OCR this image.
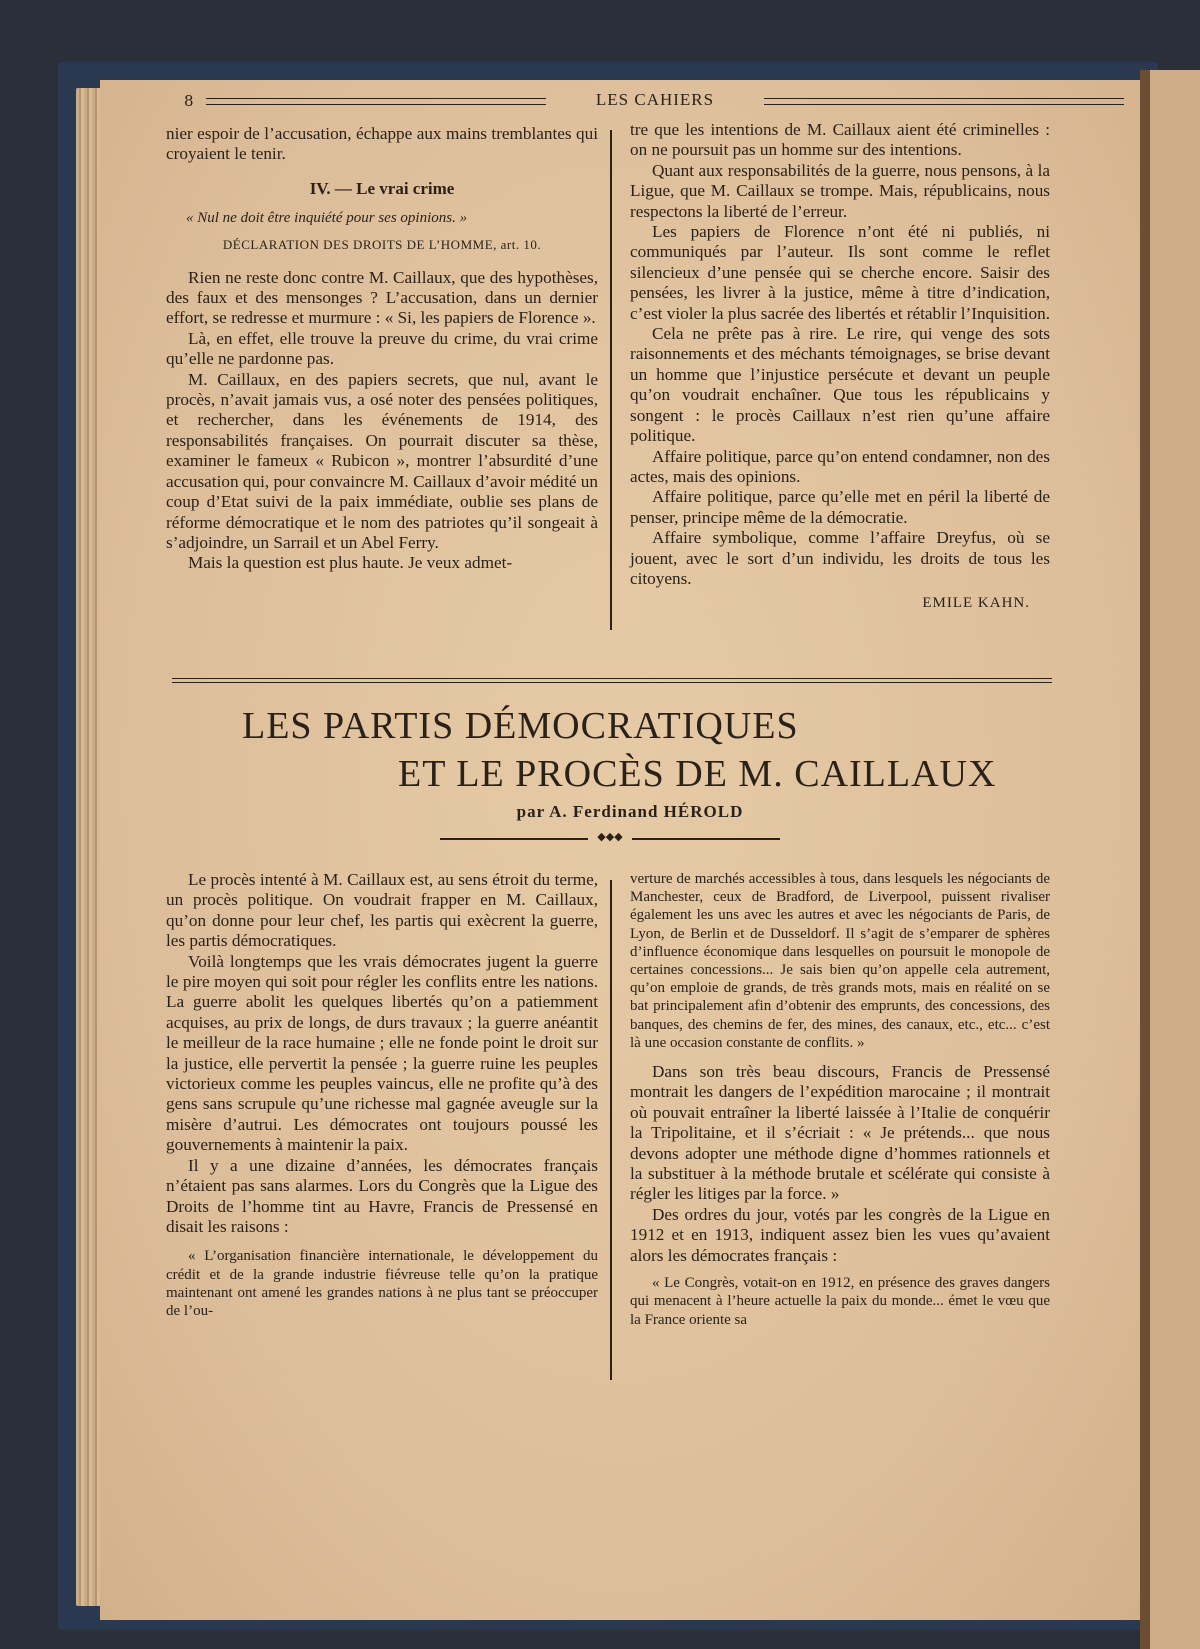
8	LES CAHIERS

nier espoir de l’accusation, échappe aux mains tremblantes qui croyaient le tenir.

IV. — Le vrai crime

« Nul ne doit être inquiété pour ses opinions. »

DÉCLARATION DES DROITS DE L’HOMME, art. 10.

Rien ne reste donc contre M. Caillaux, que des hypothèses, des faux et des mensonges ? L’accusation, dans un dernier effort, se redresse et murmure : « Si, les papiers de Florence ».

Là, en effet, elle trouve la preuve du crime, du vrai crime qu’elle ne pardonne pas.

M. Caillaux, en des papiers secrets, que nul, avant le procès, n’avait jamais vus, a osé noter des pensées politiques, et rechercher, dans les événements de 1914, des responsabilités françaises. On pourrait discuter sa thèse, examiner le fameux « Rubicon », montrer l’absurdité d’une accusation qui, pour convaincre M. Caillaux d’avoir médité un coup d’Etat suivi de la paix immédiate, oublie ses plans de réforme démocratique et le nom des patriotes qu’il songeait à s’adjoindre, un Sarrail et un Abel Ferry.

Mais la question est plus haute. Je veux admet-

tre que les intentions de M. Caillaux aient été criminelles : on ne poursuit pas un homme sur des intentions.

Quant aux responsabilités de la guerre, nous pensons, à la Ligue, que M. Caillaux se trompe. Mais, républicains, nous respectons la liberté de l’erreur.

Les papiers de Florence n’ont été ni publiés, ni communiqués par l’auteur. Ils sont comme le reflet silencieux d’une pensée qui se cherche encore. Saisir des pensées, les livrer à la justice, même à titre d’indication, c’est violer la plus sacrée des libertés et rétablir l’Inquisition.

Cela ne prête pas à rire. Le rire, qui venge des sots raisonnements et des méchants témoignages, se brise devant un homme que l’injustice persécute et devant un peuple qu’on voudrait enchaîner. Que tous les républicains y songent : le procès Caillaux n’est rien qu’une affaire politique.

Affaire politique, parce qu’on entend condamner, non des actes, mais des opinions.

Affaire politique, parce qu’elle met en péril la liberté de penser, principe même de la démocratie.

Affaire symbolique, comme l’affaire Dreyfus, où se jouent, avec le sort d’un individu, les droits de tous les citoyens.

EMILE KAHN.

LES PARTIS DÉMOCRATIQUES
ET LE PROCÈS DE M. CAILLAUX
par A. Ferdinand HÉROLD
◆◆◆

Le procès intenté à M. Caillaux est, au sens étroit du terme, un procès politique. On voudrait frapper en M. Caillaux, qu’on donne pour leur chef, les partis qui exècrent la guerre, les partis démocratiques.

Voilà longtemps que les vrais démocrates jugent la guerre le pire moyen qui soit pour régler les conflits entre les nations. La guerre abolit les quelques libertés qu’on a patiemment acquises, au prix de longs, de durs travaux ; la guerre anéantit le meilleur de la race humaine ; elle ne fonde point le droit sur la justice, elle pervertit la pensée ; la guerre ruine les peuples victorieux comme les peuples vaincus, elle ne profite qu’à des gens sans scrupule qu’une richesse mal gagnée aveugle sur la misère d’autrui. Les démocrates ont toujours poussé les gouvernements à maintenir la paix.

Il y a une dizaine d’années, les démocrates français n’étaient pas sans alarmes. Lors du Congrès que la Ligue des Droits de l’homme tint au Havre, Francis de Pressensé en disait les raisons :

« L’organisation financière internationale, le développement du crédit et de la grande industrie fiévreuse telle qu’on la pratique maintenant ont amené les grandes nations à ne plus tant se préoccuper de l’ou-

verture de marchés accessibles à tous, dans lesquels les négociants de Manchester, ceux de Bradford, de Liverpool, puissent rivaliser également les uns avec les autres et avec les négociants de Paris, de Lyon, de Berlin et de Dusseldorf. Il s’agit de s’emparer de sphères d’influence économique dans lesquelles on poursuit le monopole de certaines concessions... Je sais bien qu’on appelle cela autrement, qu’on emploie de grands, de très grands mots, mais en réalité on se bat principalement afin d’obtenir des emprunts, des concessions, des banques, des chemins de fer, des mines, des canaux, etc., etc... c’est là une occasion constante de conflits. »

Dans son très beau discours, Francis de Pressensé montrait les dangers de l’expédition marocaine ; il montrait où pouvait entraîner la liberté laissée à l’Italie de conquérir la Tripolitaine, et il s’écriait : « Je prétends... que nous devons adopter une méthode digne d’hommes rationnels et la substituer à la méthode brutale et scélérate qui consiste à régler les litiges par la force. »

Des ordres du jour, votés par les congrès de la Ligue en 1912 et en 1913, indiquent assez bien les vues qu’avaient alors les démocrates français :

« Le Congrès, votait-on en 1912, en présence des graves dangers qui menacent à l’heure actuelle la paix du monde... émet le vœu que la France oriente sa
